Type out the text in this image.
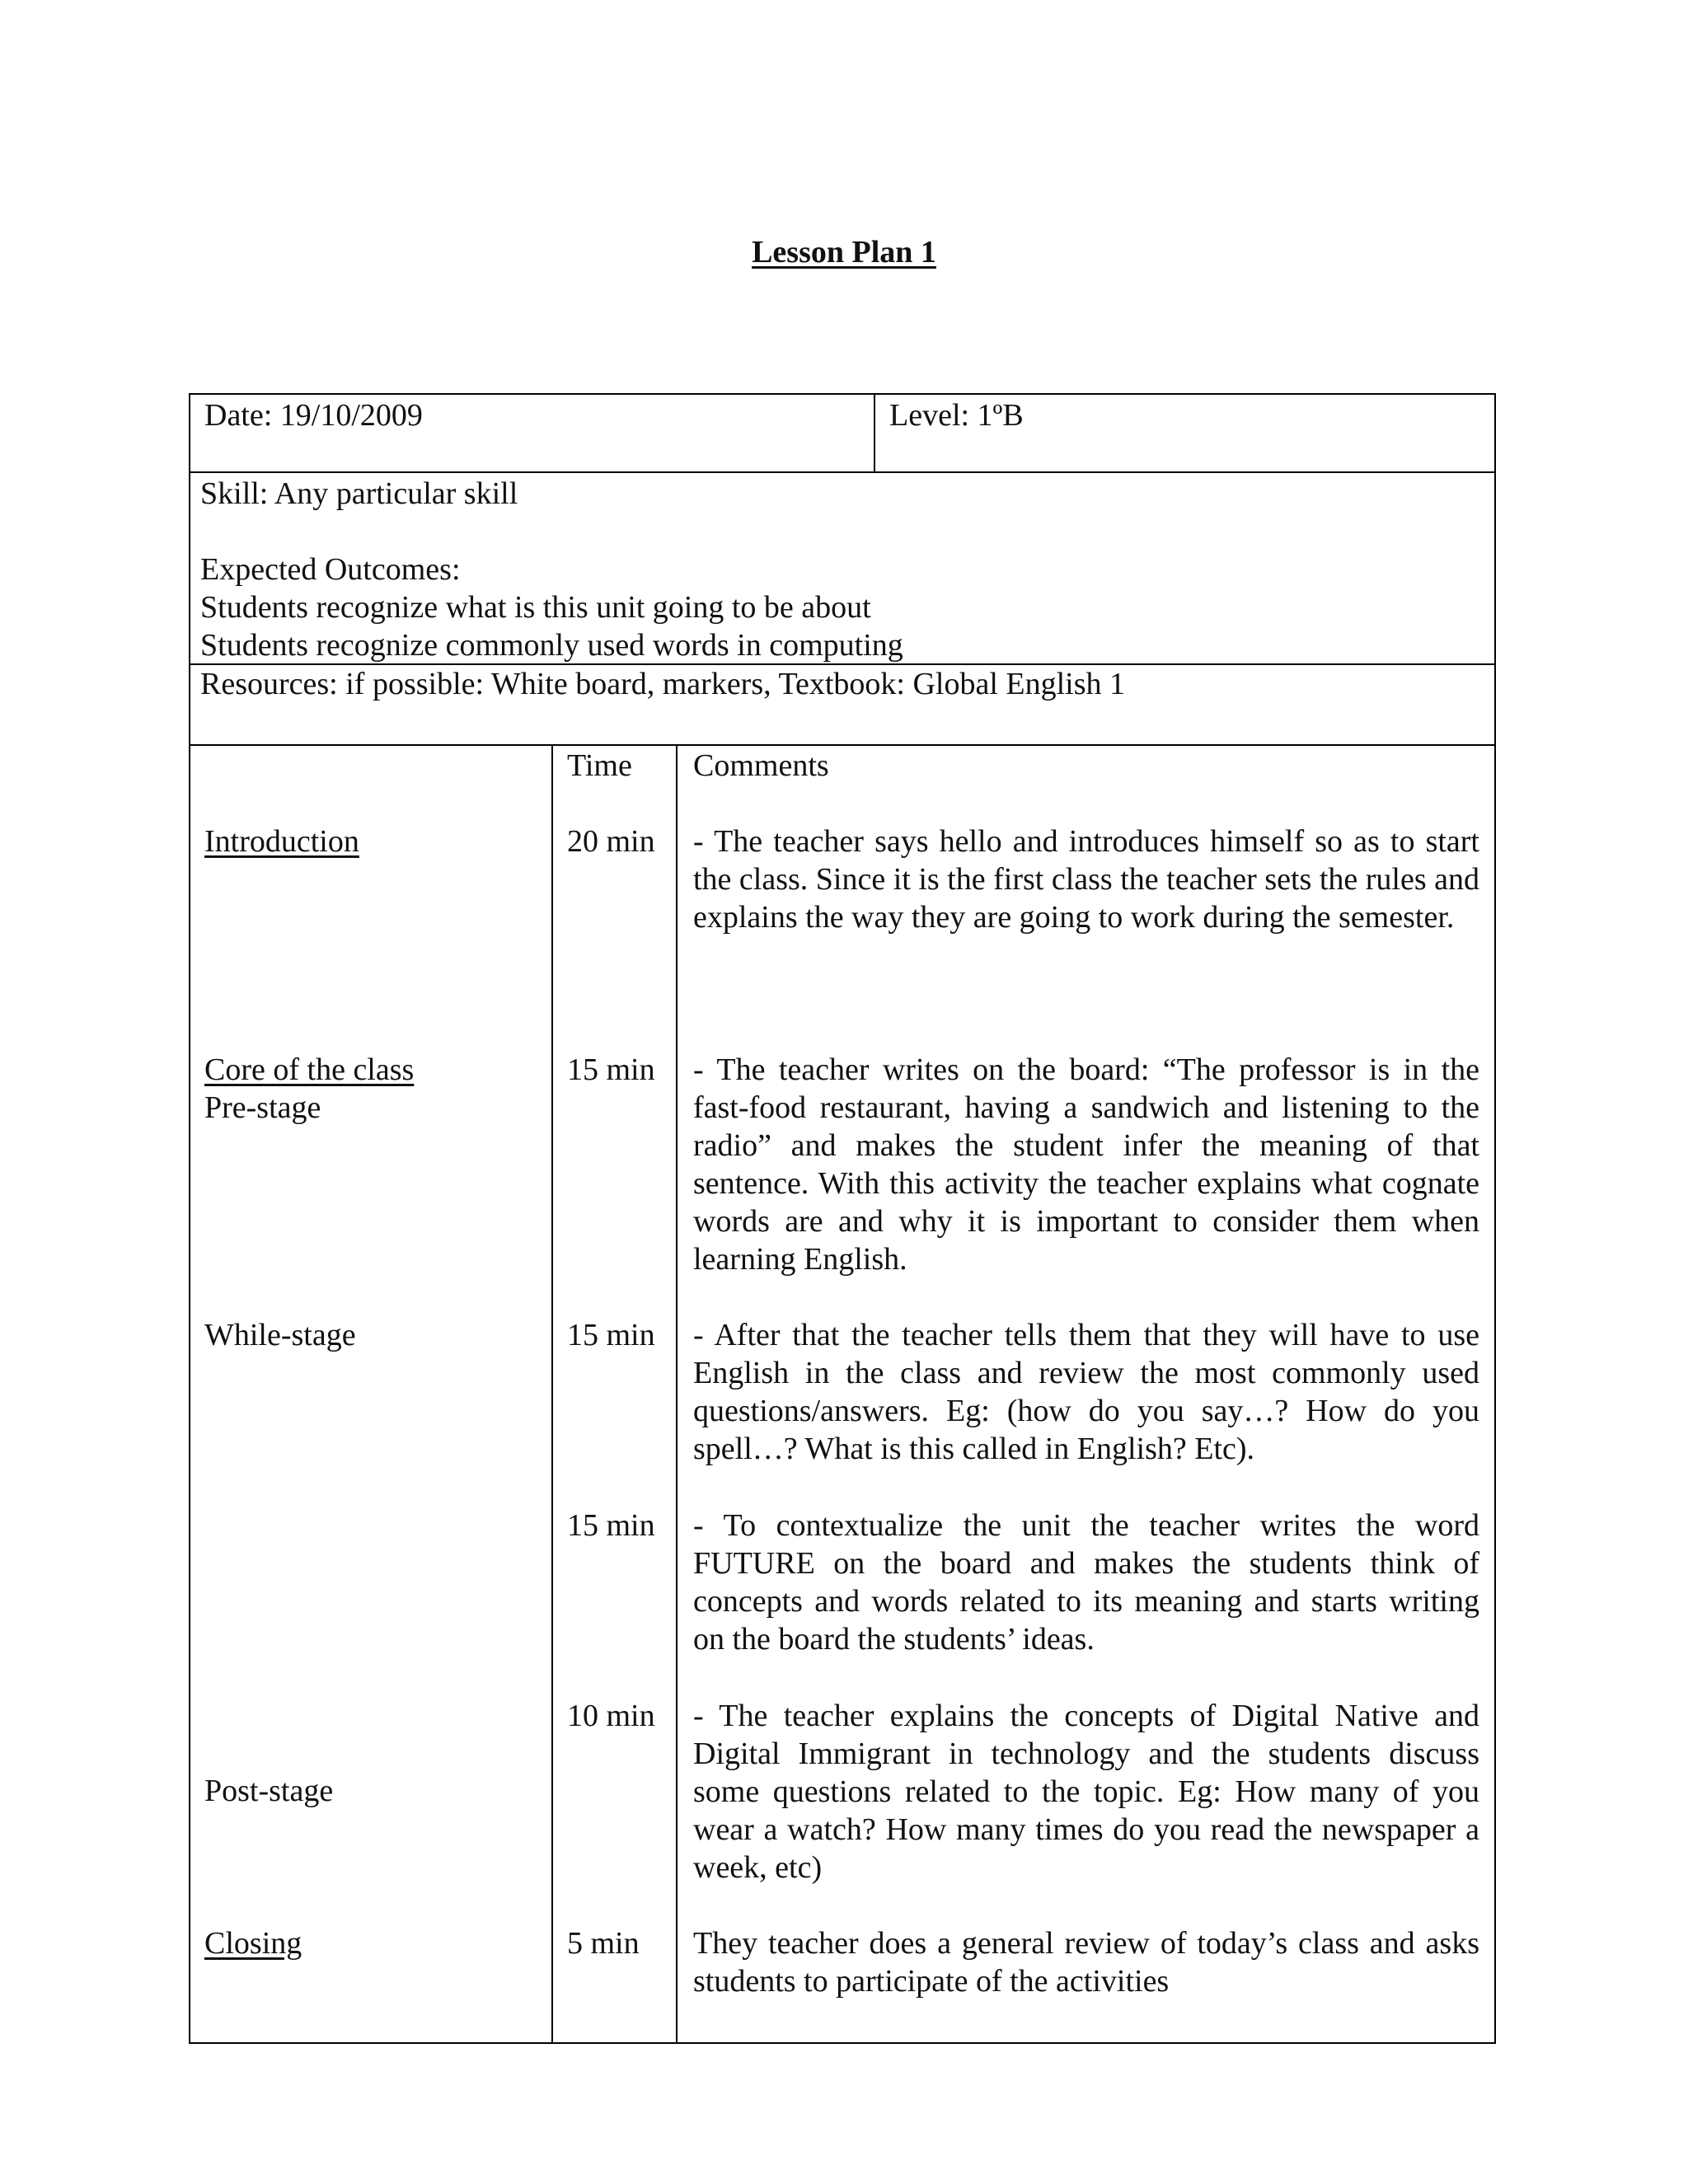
Lesson Plan 1
Date: 19/10/2009	Level: 1ºB
Skill: Any particular skill
Expected Outcomes:
Students recognize what is this unit going to be about
Students recognize commonly used words in computing
Resources: if possible: White board, markers, Textbook: Global English 1
Time Comments
Introduction
Core of the class
Pre-stage
While-stage
Post-stage
Closing
20 min
15 min
15 min
15 min
10 min
5 min
- The teacher says hello and introduces himself so as to start the class. Since it is the first class the teacher sets the rules and explains the way they are going to work during the semester.
- The teacher writes on the board: “The professor is in the fast-food restaurant, having a sandwich and listening to the radio” and makes the student infer the meaning of that sentence. With this activity the teacher explains what cognate words are and why it is important to consider them when learning English.
- After that the teacher tells them that they will have to use English in the class and review the most commonly used questions/answers. Eg: (how do you say…? How do you spell…? What is this called in English? Etc).
- To contextualize the unit the teacher writes the word FUTURE on the board and makes the students think of concepts and words related to its meaning and starts writing on the board the students’ ideas.
- The teacher explains the concepts of Digital Native and Digital Immigrant in technology and the students discuss some questions related to the topic. Eg: How many of you wear a watch? How many times do you read the newspaper a week, etc)
They teacher does a general review of today’s class and asks students to participate of the activities
